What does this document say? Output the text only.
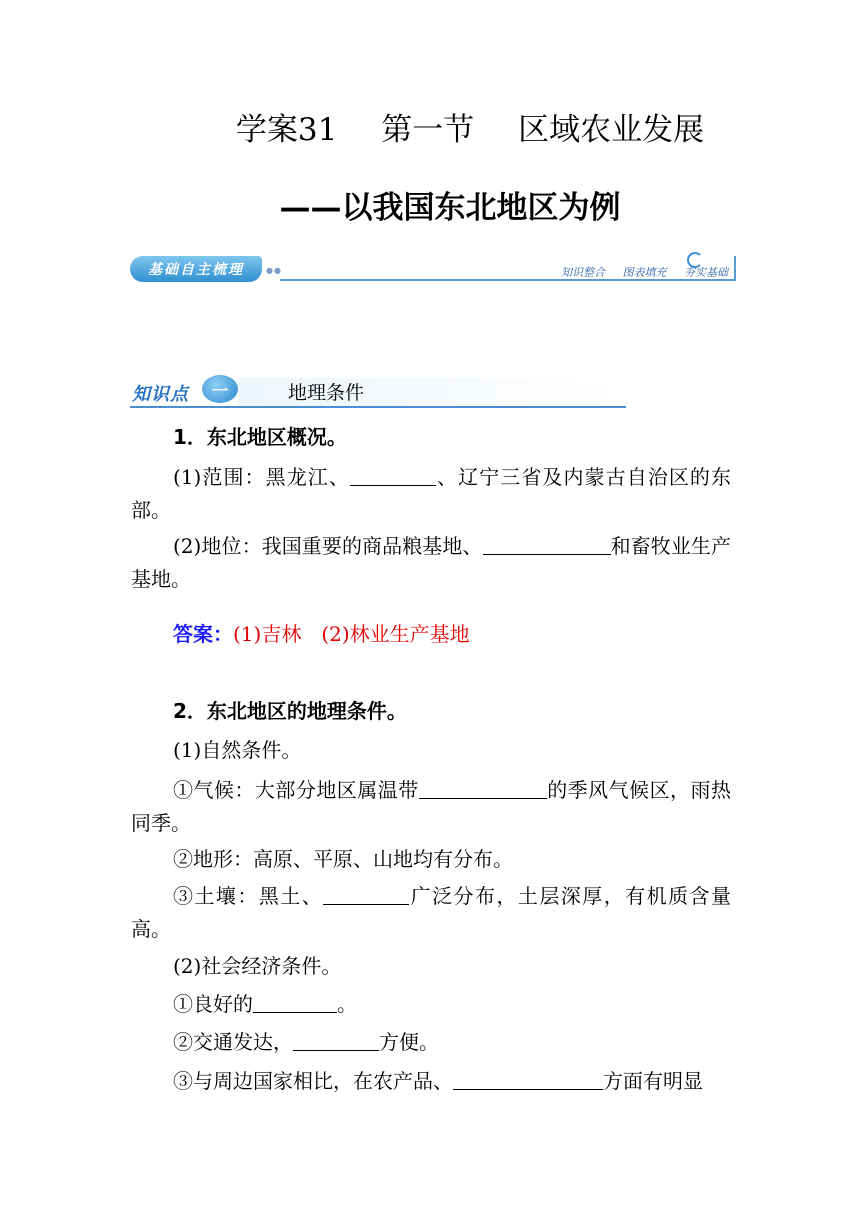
学案31 第一节 区域农业发展
——以我国东北地区为例
基础自主梳理	●●	知识整合 图表填充 夯实基础
知识点	一	地理条件
1．东北地区概况。
(1)范围：黑龙江、	、辽宁三省及内蒙古自治区的东部。
(2)地位：我国重要的商品粮基地、	和畜牧业生产基地。
答案：(1)吉林　(2)林业生产基地
2．东北地区的地理条件。
(1)自然条件。
①气候：大部分地区属温带	的季风气候区，雨热同季。
②地形：高原、平原、山地均有分布。
③土壤：黑土、	广泛分布，土层深厚，有机质含量高。
(2)社会经济条件。
①良好的	。
②交通发达，	方便。
③与周边国家相比，在农产品、	方面有明显
